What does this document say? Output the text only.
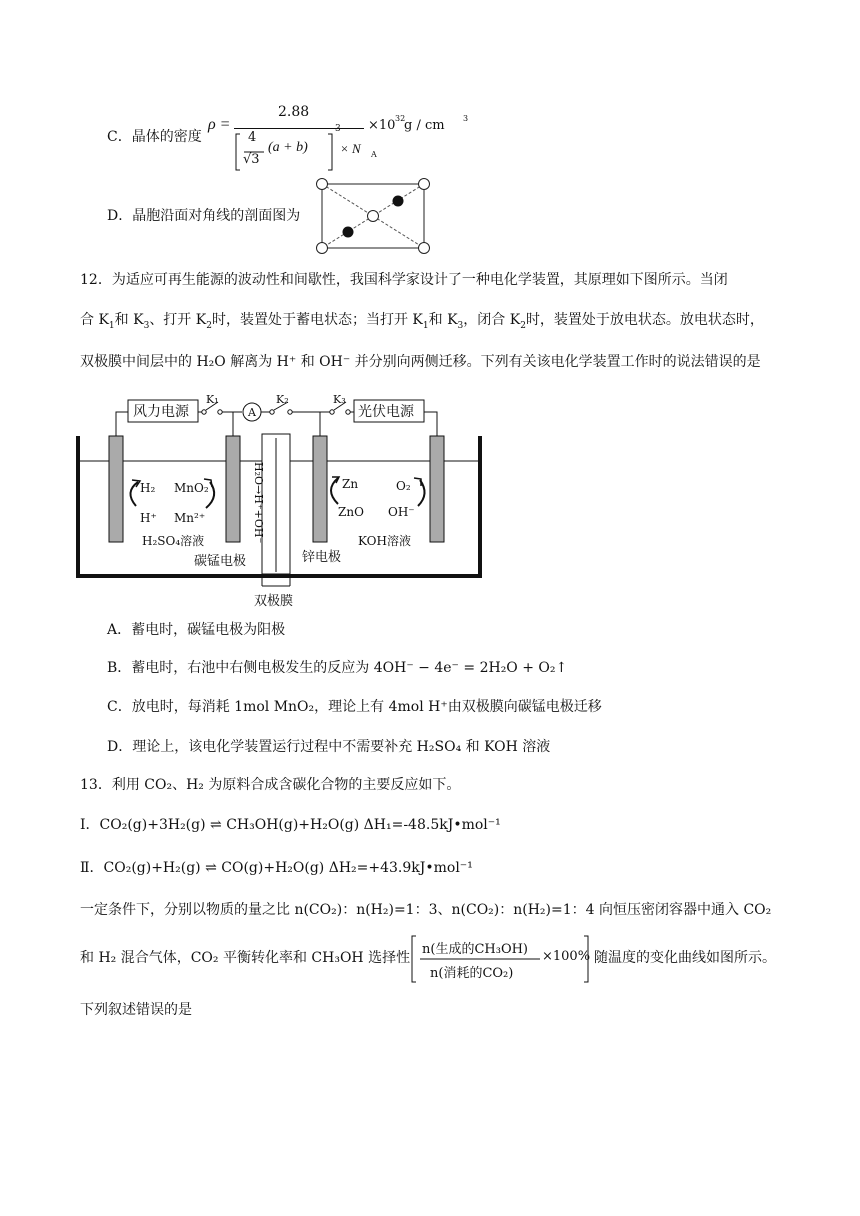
C．晶体的密度
ρ =
2.88
4
√3
(a + b)
3
× N A
×10 32
g / cm 3
D．晶胞沿面对角线的剖面图为
12．为适应可再生能源的波动性和间歇性，我国科学家设计了一种电化学装置，其原理如下图所示。当闭
合 $K_1$和 $K_3$、打开 $K_2$时，装置处于蓄电状态；当打开 $K_1$和 $K_3$，闭合 $K_2$时，装置处于放电状态。放电状态时，
双极膜中间层中的 H₂O 解离为 H⁺ 和 OH⁻ 并分别向两侧迁移。下列有关该电化学装置工作时的说法错误的是
风力电源
K₁
A
K₂	K₃
光伏电源
H₂
H⁺
MnO₂
Mn²⁺
H₂SO₄溶液
碳锰电极
H₂O→H⁺+OH⁻	Zn
ZnO
O₂
OH⁻
KOH溶液
锌电极
双极膜
A．蓄电时，碳锰电极为阳极
B．蓄电时，右池中右侧电极发生的反应为 4OH⁻ − 4e⁻ = 2H₂O + O₂↑
C．放电时，每消耗 1mol MnO₂，理论上有 4mol H⁺由双极膜向碳锰电极迁移
D．理论上，该电化学装置运行过程中不需要补充 H₂SO₄ 和 KOH 溶液
13．利用 CO₂、H₂ 为原料合成含碳化合物的主要反应如下。
Ⅰ．CO₂(g)+3H₂(g) ⇌ CH₃OH(g)+H₂O(g) ΔH₁=-48.5kJ•mol⁻¹
Ⅱ．CO₂(g)+H₂(g) ⇌ CO(g)+H₂O(g) ΔH₂=+43.9kJ•mol⁻¹
一定条件下，分别以物质的量之比 n(CO₂)：n(H₂)=1：3、n(CO₂)：n(H₂)=1：4 向恒压密闭容器中通入 CO₂
和 H₂ 混合气体，CO₂ 平衡转化率和 CH₃OH 选择性
n(生成的CH₃OH)
n(消耗的CO₂)
×100% 随温度的变化曲线如图所示。
下列叙述错误的是
